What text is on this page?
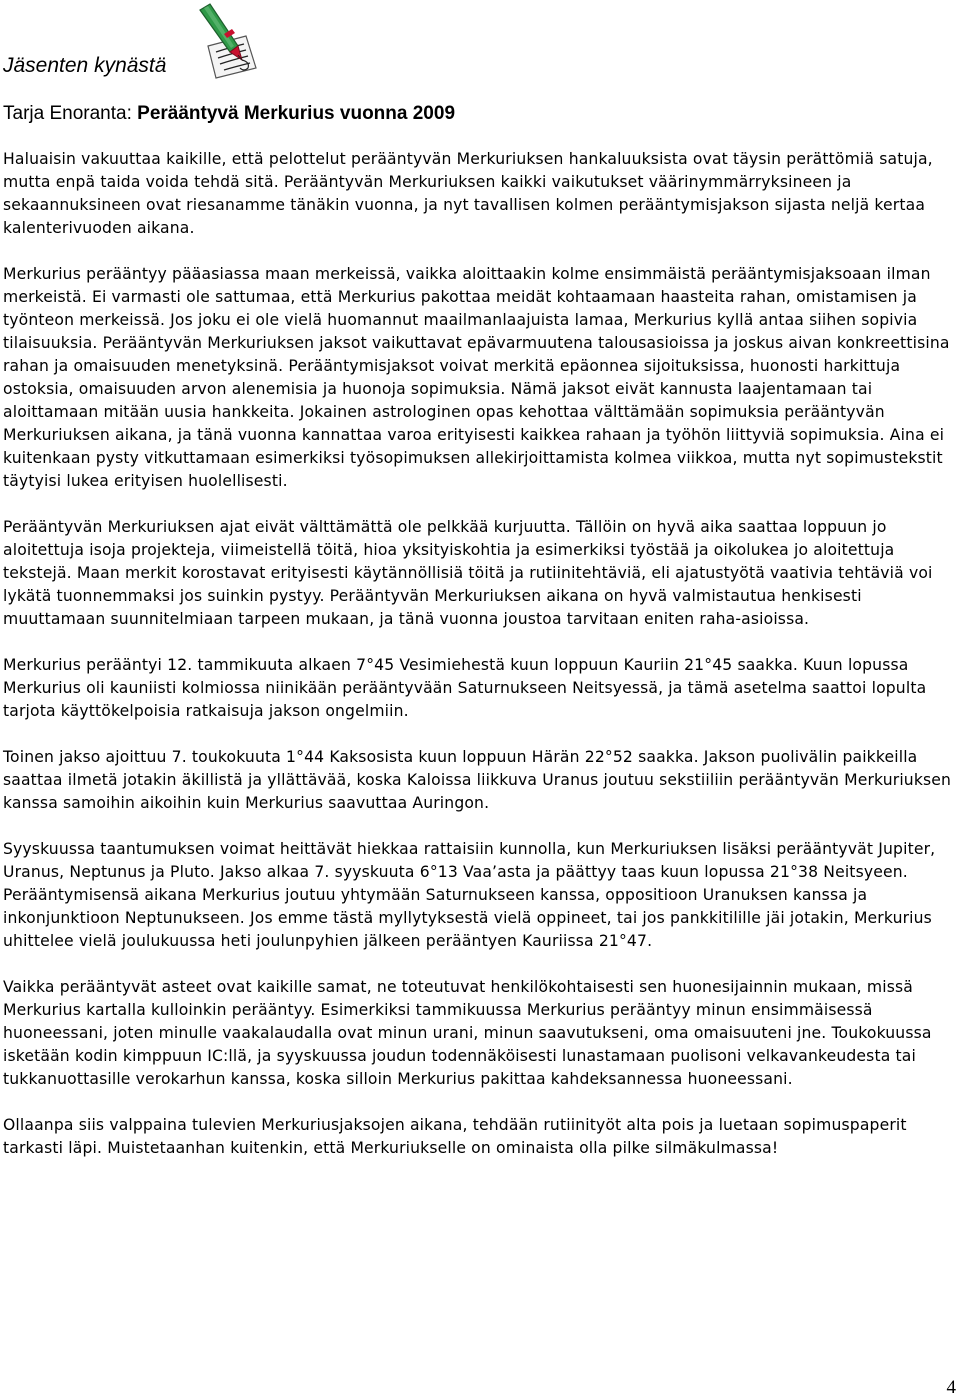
Jäsenten kynästä
Tarja Enoranta: Perääntyvä Merkurius vuonna 2009

Haluaisin vakuuttaa kaikille, että pelottelut perääntyvän Merkuriuksen hankaluuksista ovat täysin perättömiä satuja, mutta enpä taida voida tehdä sitä. Perääntyvän Merkuriuksen kaikki vaikutukset väärinymmärryksineen ja sekaannuksineen ovat riesanamme tänäkin vuonna, ja nyt tavallisen kolmen perääntymisjakson sijasta neljä kertaa kalenterivuoden aikana.

Merkurius perääntyy pääasiassa maan merkeissä, vaikka aloittaakin kolme ensimmäistä perääntymisjaksoaan ilman merkeistä. Ei varmasti ole sattumaa, että Merkurius pakottaa meidät kohtaamaan haasteita rahan, omistamisen ja työnteon merkeissä. Jos joku ei ole vielä huomannut maailmanlaajuista lamaa, Merkurius kyllä antaa siihen sopivia tilaisuuksia. Perääntyvän Merkuriuksen jaksot vaikuttavat epävarmuutena talousasioissa ja joskus aivan konkreettisina rahan ja omaisuuden menetyksinä. Perääntymisjaksot voivat merkitä epäonnea sijoituksissa, huonosti harkittuja ostoksia, omaisuuden arvon alenemisia ja huonoja sopimuksia. Nämä jaksot eivät kannusta laajentamaan tai aloittamaan mitään uusia hankkeita. Jokainen astrologinen opas kehottaa välttämään sopimuksia perääntyvän Merkuriuksen aikana, ja tänä vuonna kannattaa varoa erityisesti kaikkea rahaan ja työhön liittyviä sopimuksia. Aina ei kuitenkaan pysty vitkuttamaan esimerkiksi työsopimuksen allekirjoittamista kolmea viikkoa, mutta nyt sopimustekstit täytyisi lukea erityisen huolellisesti.

Perääntyvän Merkuriuksen ajat eivät välttämättä ole pelkkää kurjuutta. Tällöin on hyvä aika saattaa loppuun jo aloitettuja isoja projekteja, viimeistellä töitä, hioa yksityiskohtia ja esimerkiksi työstää ja oikolukea jo aloitettuja tekstejä. Maan merkit korostavat erityisesti käytännöllisiä töitä ja rutiinitehtäviä, eli ajatustyötä vaativia tehtäviä voi lykätä tuonnemmaksi jos suinkin pystyy. Perääntyvän Merkuriuksen aikana on hyvä valmistautua henkisesti muuttamaan suunnitelmiaan tarpeen mukaan, ja tänä vuonna joustoa tarvitaan eniten raha-asioissa.

Merkurius perääntyi 12. tammikuuta alkaen 7°45 Vesimiehestä kuun loppuun Kauriin 21°45 saakka. Kuun lopussa Merkurius oli kauniisti kolmiossa niinikään perääntyvään Saturnukseen Neitsyessä, ja tämä asetelma saattoi lopulta tarjota käyttökelpoisia ratkaisuja jakson ongelmiin.

Toinen jakso ajoittuu 7. toukokuuta 1°44 Kaksosista kuun loppuun Härän 22°52 saakka. Jakson puolivälin paikkeilla saattaa ilmetä jotakin äkillistä ja yllättävää, koska Kaloissa liikkuva Uranus joutuu sekstiiliin perääntyvän Merkuriuksen kanssa samoihin aikoihin kuin Merkurius saavuttaa Auringon.

Syyskuussa taantumuksen voimat heittävät hiekkaa rattaisiin kunnolla, kun Merkuriuksen lisäksi perääntyvät Jupiter, Uranus, Neptunus ja Pluto. Jakso alkaa 7. syyskuuta 6°13 Vaa’asta ja päättyy taas kuun lopussa 21°38 Neitsyeen. Perääntymisensä aikana Merkurius joutuu yhtymään Saturnukseen kanssa, oppositioon Uranuksen kanssa ja inkonjunktioon Neptunukseen. Jos emme tästä myllytyksestä vielä oppineet, tai jos pankkitilille jäi jotakin, Merkurius uhittelee vielä joulukuussa heti joulunpyhien jälkeen perääntyen Kauriissa 21°47.

Vaikka perääntyvät asteet ovat kaikille samat, ne toteutuvat henkilökohtaisesti sen huonesijainnin mukaan, missä Merkurius kartalla kulloinkin perääntyy. Esimerkiksi tammikuussa Merkurius perääntyy minun ensimmäisessä huoneessani, joten minulle vaakalaudalla ovat minun urani, minun saavutukseni, oma omaisuuteni jne. Toukokuussa isketään kodin kimppuun IC:llä, ja syyskuussa joudun todennäköisesti lunastamaan puolisoni velkavankeudesta tai tukkanuottasille verokarhun kanssa, koska silloin Merkurius pakittaa kahdeksannessa huoneessani.

Ollaanpa siis valppaina tulevien Merkuriusjaksojen aikana, tehdään rutiinityöt alta pois ja luetaan sopimuspaperit tarkasti läpi. Muistetaanhan kuitenkin, että Merkuriukselle on ominaista olla pilke silmäkulmassa!

4
